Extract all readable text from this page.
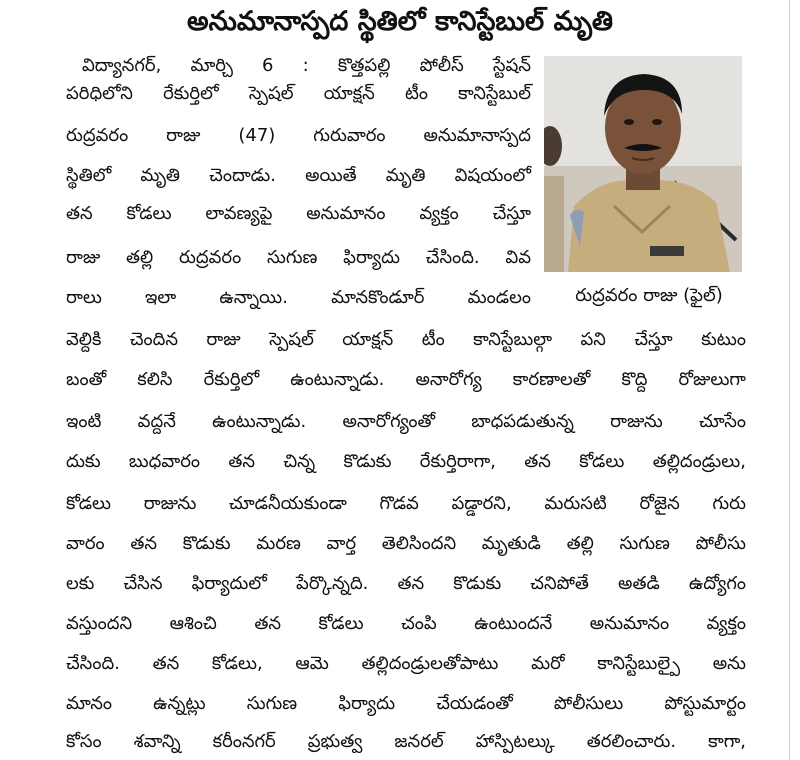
అనుమానాస్పద స్థితిలో కానిస్టేబుల్ మృతి
రుద్రవరం రాజు (ఫైల్)
విద్యానగర్, మార్చి 6 : కొత్తపల్లి పోలీస్ స్టేషన్
పరిధిలోని రేకుర్తిలో స్పెషల్ యాక్షన్ టీం కానిస్టేబుల్
రుద్రవరం రాజు (47) గురువారం అనుమానాస్పద
స్థితిలో మృతి చెందాడు. అయితే మృతి విషయంలో
తన కోడలు లావణ్యపై అనుమానం వ్యక్తం చేస్తూ
రాజు తల్లి రుద్రవరం సుగుణ ఫిర్యాదు చేసింది. వివ
రాలు ఇలా ఉన్నాయి. మానకొండూర్ మండలం
వెల్దికి చెందిన రాజు స్పెషల్ యాక్షన్ టీం కానిస్టేబుల్గా పని చేస్తూ కుటుం
బంతో కలిసి రేకుర్తిలో ఉంటున్నాడు. అనారోగ్య కారణాలతో కొద్ది రోజులుగా
ఇంటి వద్దనే ఉంటున్నాడు. అనారోగ్యంతో బాధపడుతున్న రాజును చూసేం
దుకు బుధవారం తన చిన్న కొడుకు రేకుర్తిరాగా, తన కోడలు తల్లిదండ్రులు,
కోడలు రాజును చూడనీయకుండా గొడవ పడ్డారని, మరుసటి రోజైన గురు
వారం తన కొడుకు మరణ వార్త తెలిసిందని మృతుడి తల్లి సుగుణ పోలీసు
లకు చేసిన ఫిర్యాదులో పేర్కొన్నది. తన కొడుకు చనిపోతే అతడి ఉద్యోగం
వస్తుందని ఆశించి తన కోడలు చంపి ఉంటుందనే అనుమానం వ్యక్తం
చేసింది. తన కోడలు, ఆమె తల్లిదండ్రులతోపాటు మరో కానిస్టేబుల్పై అను
మానం ఉన్నట్లు సుగుణ ఫిర్యాదు చేయడంతో పోలీసులు పోస్టుమార్టం
కోసం శవాన్ని కరీంనగర్ ప్రభుత్వ జనరల్ హాస్పిటల్కు తరలించారు. కాగా,
